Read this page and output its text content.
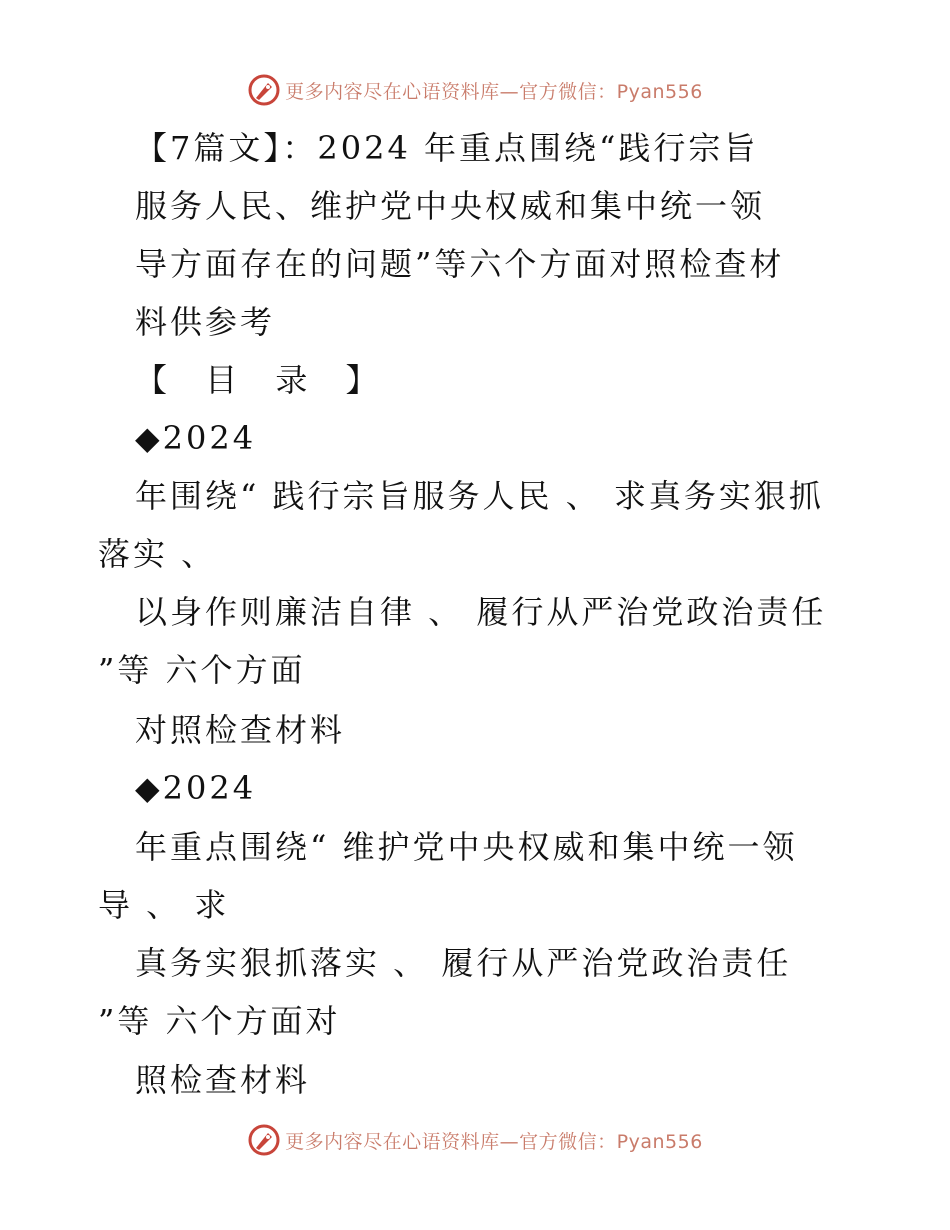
更多内容尽在心语资料库—官方微信：Pyan556
【7篇文】：2024 年重点围绕“践行宗旨
服务人民、维护党中央权威和集中统一领
导方面存在的问题”等六个方面对照检查材
料供参考
【 目 录 】
◆2024
年围绕“ 践行宗旨服务人民 、 求真务实狠抓
落实 、
以身作则廉洁自律 、 履行从严治党政治责任
”等 六个方面
对照检查材料
◆2024
年重点围绕“ 维护党中央权威和集中统一领
导 、 求
真务实狠抓落实 、 履行从严治党政治责任
”等 六个方面对
照检查材料
更多内容尽在心语资料库—官方微信：Pyan556
